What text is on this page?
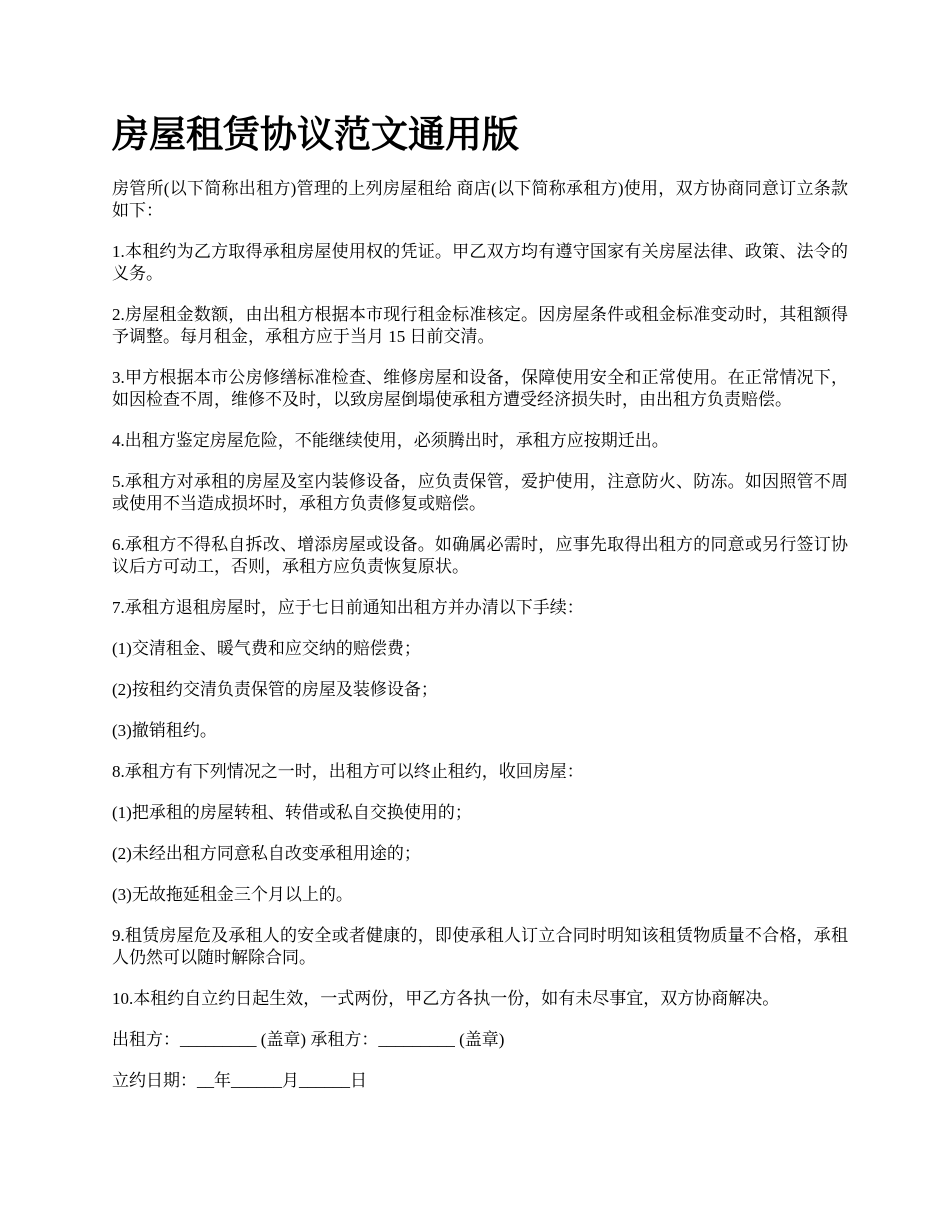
房屋租赁协议范文通用版

房管所(以下简称出租方)管理的上列房屋租给 商店(以下简称承租方)使用，双方协商同意订立条款如下：

1.本租约为乙方取得承租房屋使用权的凭证。甲乙双方均有遵守国家有关房屋法律、政策、法令的义务。

2.房屋租金数额，由出租方根据本市现行租金标准核定。因房屋条件或租金标准变动时，其租额得予调整。每月租金，承租方应于当月 15 日前交清。

3.甲方根据本市公房修缮标准检查、维修房屋和设备，保障使用安全和正常使用。在正常情况下，如因检查不周，维修不及时，以致房屋倒塌使承租方遭受经济损失时，由出租方负责赔偿。

4.出租方鉴定房屋危险，不能继续使用，必须腾出时，承租方应按期迁出。

5.承租方对承租的房屋及室内装修设备，应负责保管，爱护使用，注意防火、防冻。如因照管不周或使用不当造成损坏时，承租方负责修复或赔偿。

6.承租方不得私自拆改、增添房屋或设备。如确属必需时，应事先取得出租方的同意或另行签订协议后方可动工，否则，承租方应负责恢复原状。

7.承租方退租房屋时，应于七日前通知出租方并办清以下手续：

(1)交清租金、暖气费和应交纳的赔偿费；

(2)按租约交清负责保管的房屋及装修设备；

(3)撤销租约。

8.承租方有下列情况之一时，出租方可以终止租约，收回房屋：

(1)把承租的房屋转租、转借或私自交换使用的；

(2)未经出租方同意私自改变承租用途的；

(3)无故拖延租金三个月以上的。

9.租赁房屋危及承租人的安全或者健康的，即使承租人订立合同时明知该租赁物质量不合格，承租人仍然可以随时解除合同。

10.本租约自立约日起生效，一式两份，甲乙方各执一份，如有未尽事宜，双方协商解决。

出租方：_________ (盖章) 承租方：_________ (盖章)

立约日期：__年______月______日
